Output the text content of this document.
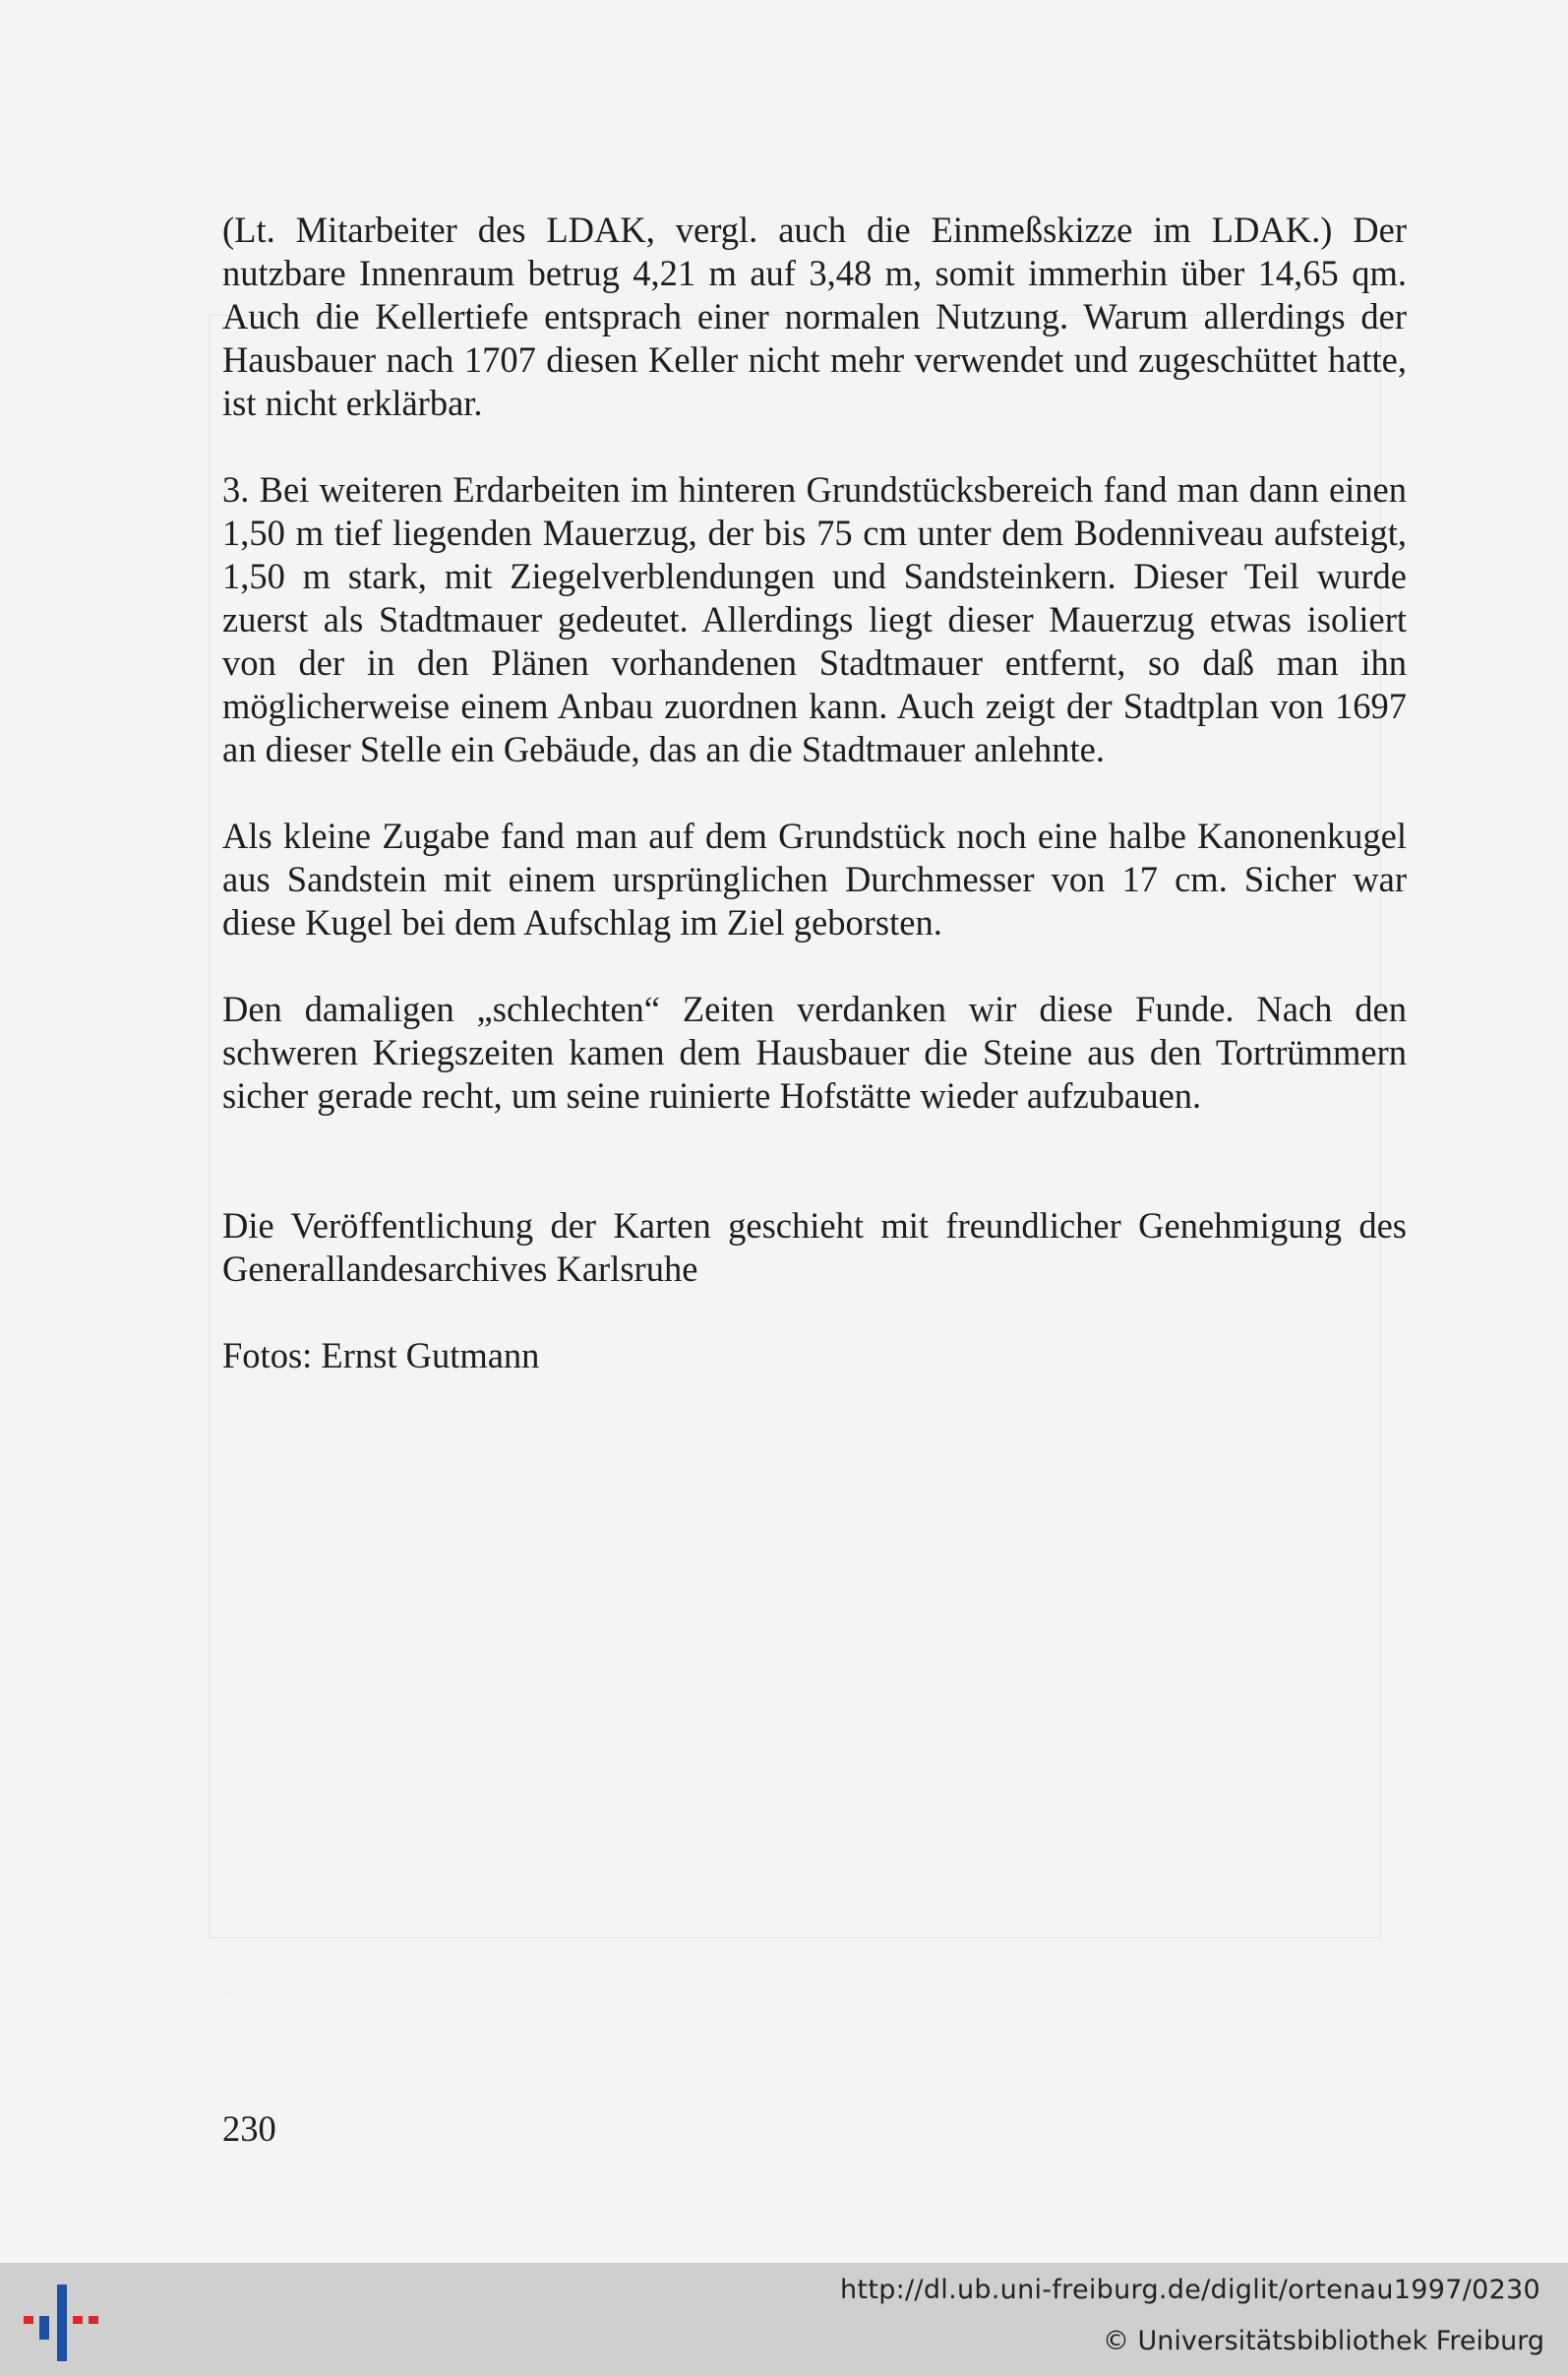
(Lt. Mitarbeiter des LDAK, vergl. auch die Einmeßskizze im LDAK.) Der nutzbare Innenraum betrug 4,21 m auf 3,48 m, somit immerhin über 14,65 qm. Auch die Kellertiefe entsprach einer normalen Nutzung. Warum allerdings der Hausbauer nach 1707 diesen Keller nicht mehr verwendet und zugeschüttet hatte, ist nicht erklärbar.

3. Bei weiteren Erdarbeiten im hinteren Grundstücksbereich fand man dann einen 1,50 m tief liegenden Mauerzug, der bis 75 cm unter dem Bodenniveau aufsteigt, 1,50 m stark, mit Ziegelverblendungen und Sandsteinkern. Dieser Teil wurde zuerst als Stadtmauer gedeutet. Allerdings liegt dieser Mauerzug etwas isoliert von der in den Plänen vorhandenen Stadtmauer entfernt, so daß man ihn möglicherweise einem Anbau zuordnen kann. Auch zeigt der Stadtplan von 1697 an dieser Stelle ein Gebäude, das an die Stadtmauer anlehnte.

Als kleine Zugabe fand man auf dem Grundstück noch eine halbe Kanonenkugel aus Sandstein mit einem ursprünglichen Durchmesser von 17 cm. Sicher war diese Kugel bei dem Aufschlag im Ziel geborsten.

Den damaligen „schlechten“ Zeiten verdanken wir diese Funde. Nach den schweren Kriegszeiten kamen dem Hausbauer die Steine aus den Tortrümmern sicher gerade recht, um seine ruinierte Hofstätte wieder aufzubauen.

Die Veröffentlichung der Karten geschieht mit freundlicher Genehmigung des Generallandesarchives Karlsruhe

Fotos: Ernst Gutmann

230
http://dl.ub.uni-freiburg.de/diglit/ortenau1997/0230
© Universitätsbibliothek Freiburg
